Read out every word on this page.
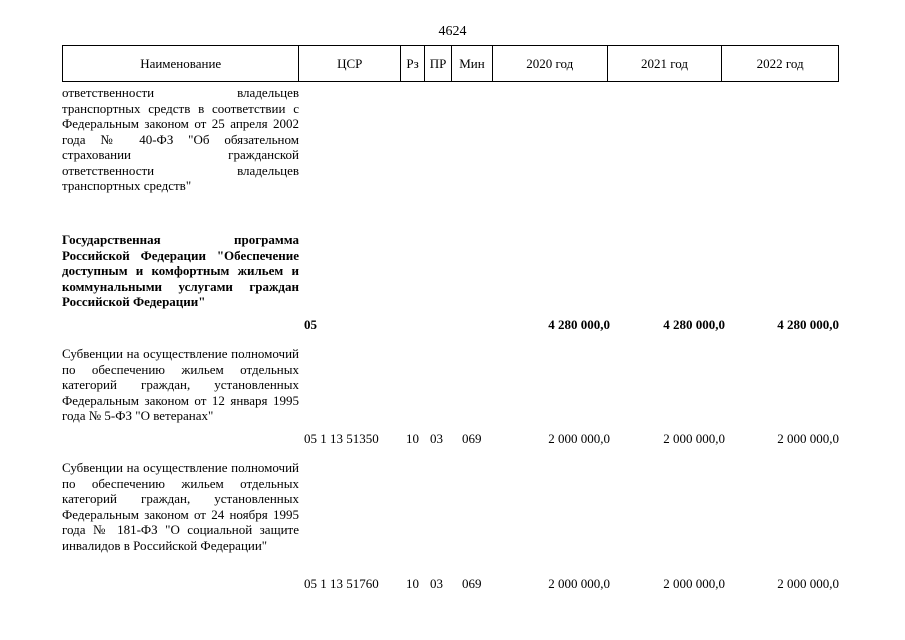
4624
Наименование	ЦСР	Рз ПР Мин	2020 год	2021 год	2022 год
ответственности владельцев транспортных средств в соответствии с Федеральным законом от 25 апреля 2002 года № 40-ФЗ "Об обязательном страховании гражданской ответственности владельцев транспортных средств"
Государственная программа Российской Федерации "Обеспечение доступным и комфортным жильем и коммунальными услугами граждан Российской Федерации"
05	4 280 000,0	4 280 000,0	4 280 000,0
Субвенции на осуществление полномочий по обеспечению жильем отдельных категорий граждан, установленных Федеральным законом от 12 января 1995 года № 5-ФЗ "О ветеранах"
05 1 13 51350 10 03 069	2 000 000,0	2 000 000,0	2 000 000,0
Субвенции на осуществление полномочий по обеспечению жильем отдельных категорий граждан, установленных Федеральным законом от 24 ноября 1995 года № 181-ФЗ "О социальной защите инвалидов в Российской Федерации"
05 1 13 51760 10 03 069	2 000 000,0	2 000 000,0	2 000 000,0
